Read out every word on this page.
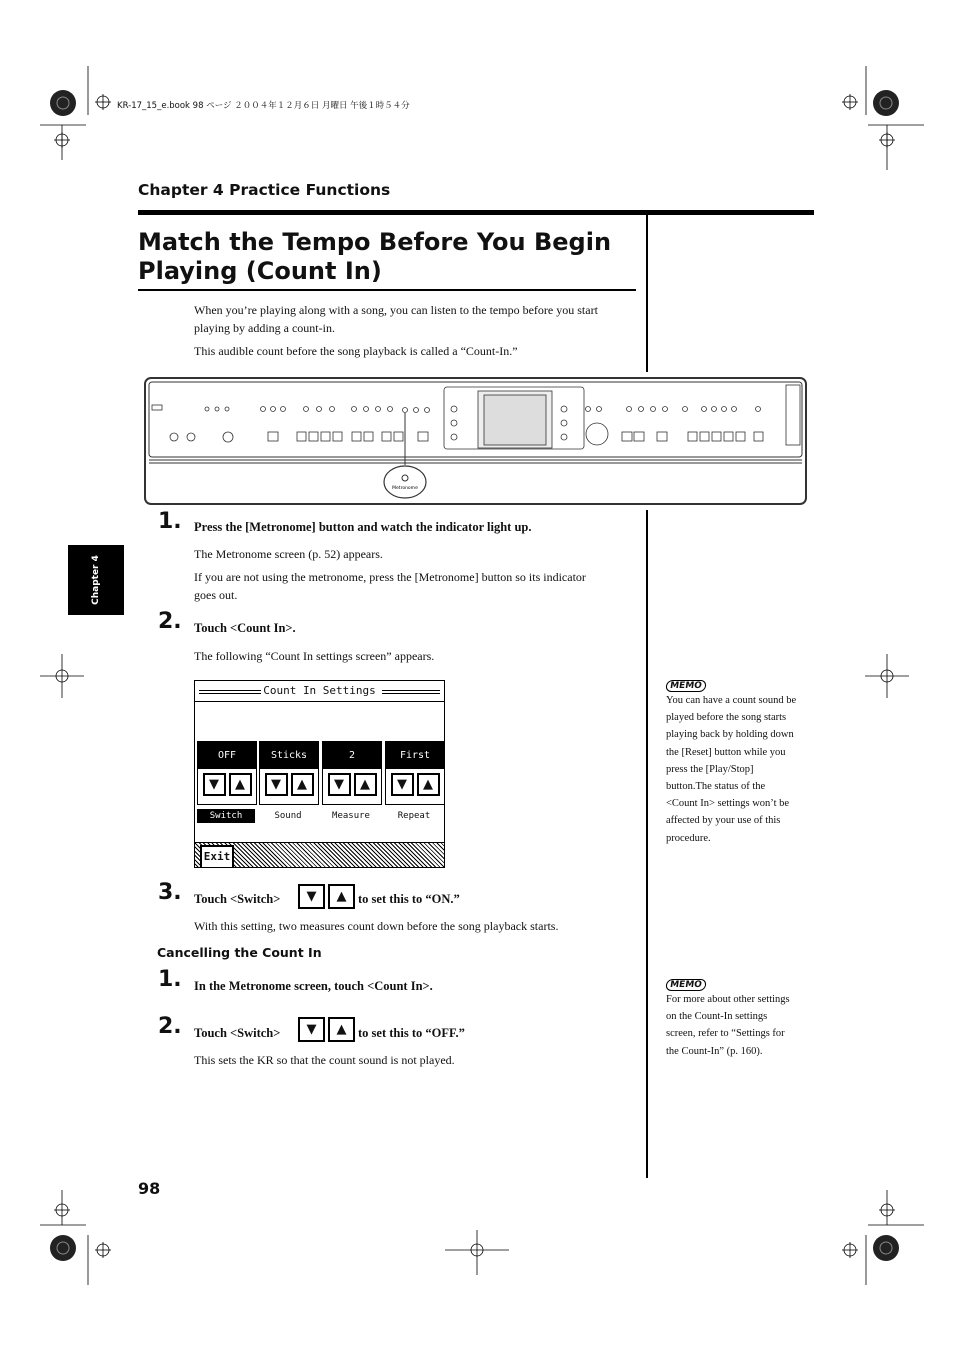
KR-17_15_e.book 98 ページ ２００４年１２月６日 月曜日 午後１時５４分
Chapter 4 Practice Functions
Match the Tempo Before You Begin
Playing (Count In)
When you’re playing along with a song, you can listen to the tempo before you start
playing by adding a count-in.
This audible count before the song playback is called a “Count-In.”
Metronome
Chapter 4
1. Press the [Metronome] button and watch the indicator light up.
The Metronome screen (p. 52) appears.
If you are not using the metronome, press the [Metronome] button so its indicator
goes out.
2. Touch <Count In>.
The following “Count In settings screen” appears.
Count In Settings
OFF
▼ ▲
Switch
Sticks
▼ ▲
Sound
2
▼ ▲
Measure
First
▼ ▲
Repeat
Exit
3. Touch <Switch> ▼ ▲ to set this to “ON.”
With this setting, two measures count down before the song playback starts.
Cancelling the Count In
1. In the Metronome screen, touch <Count In>.
2. Touch <Switch> ▼ ▲ to set this to “OFF.”
This sets the KR so that the count sound is not played.
MEMO
You can have a count sound be
played before the song starts
playing back by holding down
the [Reset] button while you
press the [Play/Stop]
button.The status of the
<Count In> settings won’t be
affected by your use of this
procedure.
MEMO
For more about other settings
on the Count-In settings
screen, refer to “Settings for
the Count-In” (p. 160).
98
